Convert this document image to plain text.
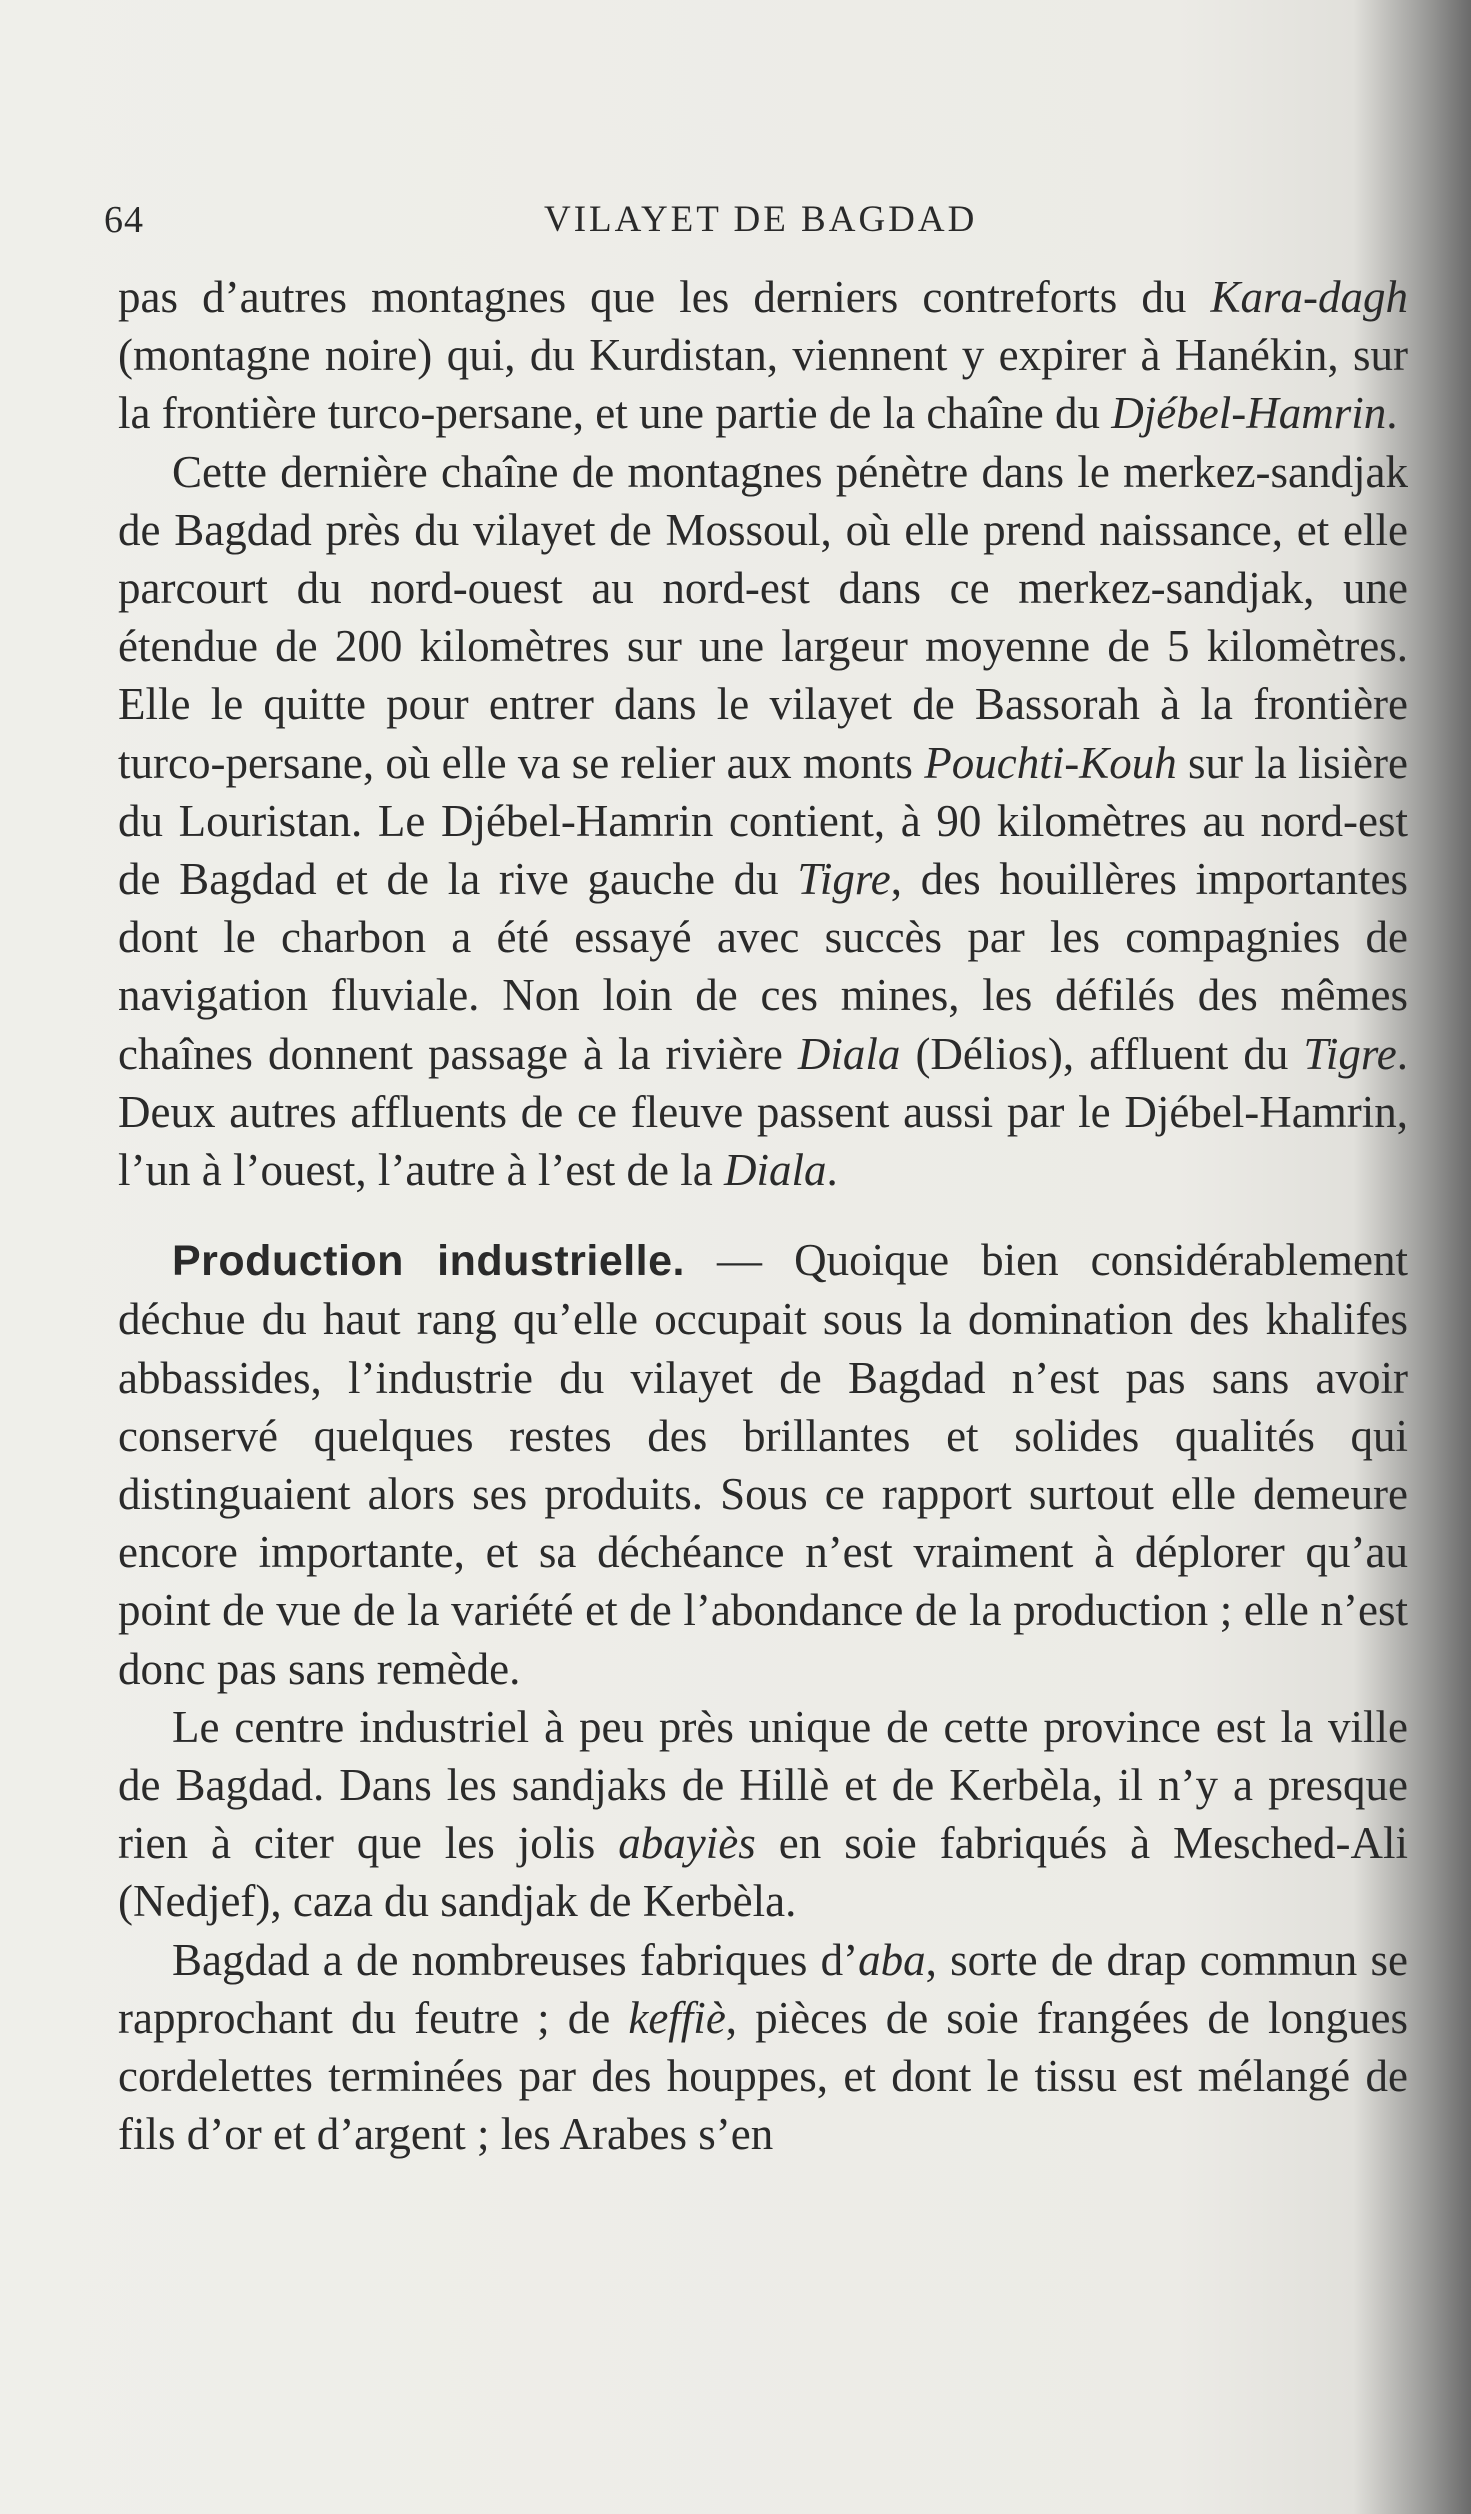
64	VILAYET DE BAGDAD

pas d’autres montagnes que les derniers contreforts du Kara-dagh (montagne noire) qui, du Kurdistan, viennent y expirer à Hanékin, sur la frontière turco-persane, et une partie de la chaîne du Djébel-Hamrin.

Cette dernière chaîne de montagnes pénètre dans le merkez-sandjak de Bagdad près du vilayet de Mossoul, où elle prend naissance, et elle parcourt du nord-ouest au nord-est dans ce merkez-sandjak, une étendue de 200 kilomètres sur une largeur moyenne de 5 kilomètres. Elle le quitte pour entrer dans le vilayet de Bassorah à la frontière turco-persane, où elle va se relier aux monts Pouchti-Kouh sur la lisière du Louristan. Le Djébel-Hamrin contient, à 90 kilomètres au nord-est de Bagdad et de la rive gauche du Tigre, des houillères importantes dont le charbon a été essayé avec succès par les compagnies de navigation fluviale. Non loin de ces mines, les défilés des mêmes chaînes donnent passage à la rivière Diala (Délios), affluent du Tigre. Deux autres affluents de ce fleuve passent aussi par le Djébel-Hamrin, l’un à l’ouest, l’autre à l’est de la Diala.

Production industrielle. — Quoique bien considérablement déchue du haut rang qu’elle occupait sous la domination des khalifes abbassides, l’industrie du vilayet de Bagdad n’est pas sans avoir conservé quelques restes des brillantes et solides qualités qui distinguaient alors ses produits. Sous ce rapport surtout elle demeure encore importante, et sa déchéance n’est vraiment à déplorer qu’au point de vue de la variété et de l’abondance de la production ; elle n’est donc pas sans remède.

Le centre industriel à peu près unique de cette province est la ville de Bagdad. Dans les sandjaks de Hillè et de Kerbèla, il n’y a presque rien à citer que les jolis abayiès en soie fabriqués à Mesched-Ali (Nedjef), caza du sandjak de Kerbèla.

Bagdad a de nombreuses fabriques d’aba, sorte de drap commun se rapprochant du feutre ; de keffiè, pièces de soie frangées de longues cordelettes terminées par des houppes, et dont le tissu est mélangé de fils d’or et d’argent ; les Arabes s’en
